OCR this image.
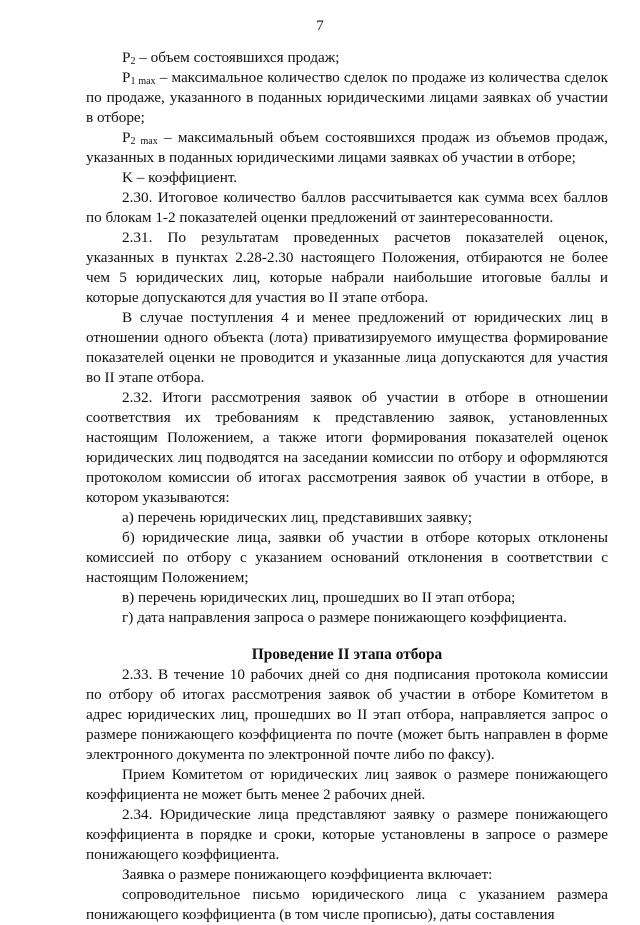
7

$P_2$ – объем состоявшихся продаж;

$P_{1 max}$ – максимальное количество сделок по продаже из количества сделок по продаже, указанного в поданных юридическими лицами заявках об участии в отборе;

$P_{2 max}$ – максимальный объем состоявшихся продаж из объемов продаж, указанных в поданных юридическими лицами заявках об участии в отборе;

K – коэффициент.

2.30. Итоговое количество баллов рассчитывается как сумма всех баллов по блокам 1-2 показателей оценки предложений от заинтересованности.

2.31. По результатам проведенных расчетов показателей оценок, указанных в пунктах 2.28-2.30 настоящего Положения, отбираются не более чем 5 юридических лиц, которые набрали наибольшие итоговые баллы и которые допускаются для участия во II этапе отбора.

В случае поступления 4 и менее предложений от юридических лиц в отношении одного объекта (лота) приватизируемого имущества формирование показателей оценки не проводится и указанные лица допускаются для участия во II этапе отбора.

2.32. Итоги рассмотрения заявок об участии в отборе в отношении соответствия их требованиям к представлению заявок, установленных настоящим Положением, а также итоги формирования показателей оценок юридических лиц подводятся на заседании комиссии по отбору и оформляются протоколом комиссии об итогах рассмотрения заявок об участии в отборе, в котором указываются:

а) перечень юридических лиц, представивших заявку;

б) юридические лица, заявки об участии в отборе которых отклонены комиссией по отбору с указанием оснований отклонения в соответствии с настоящим Положением;

в) перечень юридических лиц, прошедших во II этап отбора;

г) дата направления запроса о размере понижающего коэффициента.

Проведение II этапа отбора

2.33. В течение 10 рабочих дней со дня подписания протокола комиссии по отбору об итогах рассмотрения заявок об участии в отборе Комитетом в адрес юридических лиц, прошедших во II этап отбора, направляется запрос о размере понижающего коэффициента по почте (может быть направлен в форме электронного документа по электронной почте либо по факсу).

Прием Комитетом от юридических лиц заявок о размере понижающего коэффициента не может быть менее 2 рабочих дней.

2.34. Юридические лица представляют заявку о размере понижающего коэффициента в порядке и сроки, которые установлены в запросе о размере понижающего коэффициента.

Заявка о размере понижающего коэффициента включает:

сопроводительное письмо юридического лица с указанием размера понижающего коэффициента (в том числе прописью), даты составления
